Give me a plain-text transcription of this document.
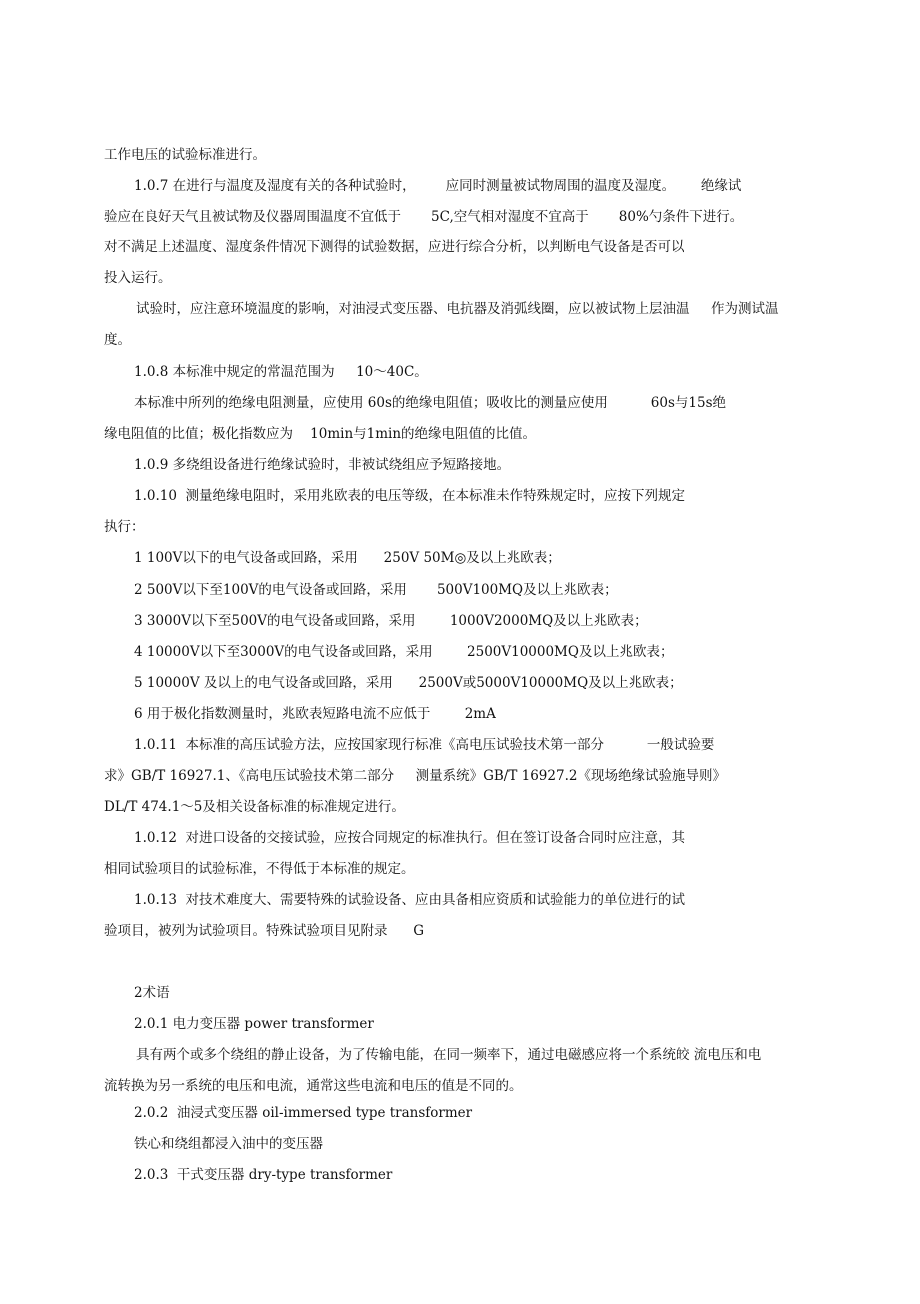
工作电压的试验标准进行。
1.0.7 在进行与温度及湿度有关的各种试验时，       应同时测量被试物周围的温度及湿度。      绝缘试
验应在良好天气且被试物及仪器周围温度不宜低于       5C,空气相对湿度不宜高于       80%勺条件下进行。
对不满足上述温度、湿度条件情况下测得的试验数据，应进行综合分析，以判断电气设备是否可以
投入运行。
试验时，应注意环境温度的影响，对油浸式变压器、电抗器及消弧线圈，应以被试物上层油温     作为测试温
度。
1.0.8 本标准中规定的常温范围为     10～40C。
本标准中所列的绝缘电阻测量，应使用 60s的绝缘电阻值；吸收比的测量应使用          60s与15s绝
缘电阻值的比值；极化指数应为    10min与1min的绝缘电阻值的比值。
1.0.9 多绕组设备进行绝缘试验时，非被试绕组应予短路接地。
1.0.10  测量绝缘电阻时，采用兆欧表的电压等级，在本标准未作特殊规定时，应按下列规定
执行：
1 100V以下的电气设备或回路，采用      250V 50M◎及以上兆欧表；
2 500V以下至100V的电气设备或回路，采用       500V100MQ及以上兆欧表；
3 3000V以下至500V的电气设备或回路，采用        1000V2000MQ及以上兆欧表；
4 10000V以下至3000V的电气设备或回路，采用        2500V10000MQ及以上兆欧表；
5 10000V 及以上的电气设备或回路，采用      2500V或5000V10000MQ及以上兆欧表；
6 用于极化指数测量时，兆欧表短路电流不应低于        2mA
1.0.11  本标准的高压试验方法，应按国家现行标准《高电压试验技术第一部分          一般试验要
求》GB/T 16927.1、《高电压试验技术第二部分     测量系统》GB/T 16927.2《现场绝缘试验施导则》
DL/T 474.1～5及相关设备标准的标准规定进行。
1.0.12  对进口设备的交接试验，应按合同规定的标准执行。但在签订设备合同时应注意，其
相同试验项目的试验标准，不得低于本标准的规定。
1.0.13  对技术难度大、需要特殊的试验设备、应由具备相应资质和试验能力的单位进行的试
验项目，被列为试验项目。特殊试验项目见附录      G
2术语
2.0.1 电力变压器 power transformer
具有两个或多个绕组的静止设备，为了传输电能，在同一频率下，通过电磁感应将一个系统皎 流电压和电
流转换为另一系统的电压和电流，通常这些电流和电压的值是不同的。
2.0.2  油浸式变压器 oil-immersed type transformer
铁心和绕组都浸入油中的变压器
2.0.3  干式变压器 dry-type transformer
